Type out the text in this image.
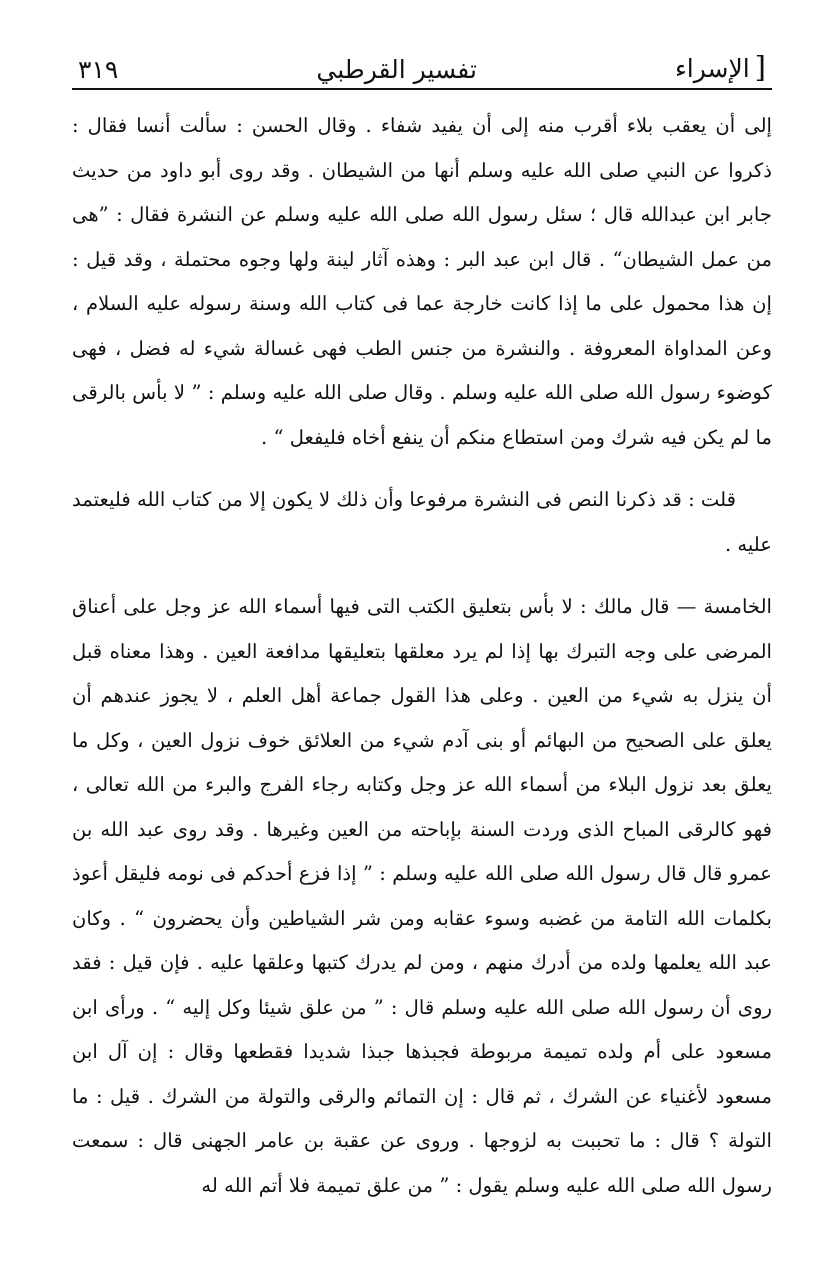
[ الإسراء
تفسير القرطبي
٣١٩

إلى أن يعقب بلاء أقرب منه إلى أن يفيد شفاء . وقال الحسن : سألت أنسا فقال : ذكروا عن النبي صلى الله عليه وسلم أنها من الشيطان . وقد روى أبو داود من حديث جابر ابن عبدالله قال ؛ سئل رسول الله صلى الله عليه وسلم عن النشرة فقال : ”هى من عمل الشيطان“ . قال ابن عبد البر : وهذه آثار لينة ولها وجوه محتملة ، وقد قيل : إن هذا محمول على ما إذا كانت خارجة عما فى كتاب الله وسنة رسوله عليه السلام ، وعن المداواة المعروفة . والنشرة من جنس الطب فهى غسالة شيء له فضل ، فهى كوضوء رسول الله صلى الله عليه وسلم . وقال صلى الله عليه وسلم : ” لا بأس بالرقى ما لم يكن فيه شرك ومن استطاع منكم أن ينفع أخاه فليفعل “ .

قلت : قد ذكرنا النص فى النشرة مرفوعا وأن ذلك لا يكون إلا من كتاب الله فليعتمد عليه .

الخامسة — قال مالك : لا بأس بتعليق الكتب التى فيها أسماء الله عز وجل على أعناق المرضى على وجه التبرك بها إذا لم يرد معلقها بتعليقها مدافعة العين . وهذا معناه قبل أن ينزل به شيء من العين . وعلى هذا القول جماعة أهل العلم ، لا يجوز عندهم أن يعلق على الصحيح من البهائم أو بنى آدم شيء من العلائق خوف نزول العين ، وكل ما يعلق بعد نزول البلاء من أسماء الله عز وجل وكتابه رجاء الفرج والبرء من الله تعالى ، فهو كالرقى المباح الذى وردت السنة بإباحته من العين وغيرها . وقد روى عبد الله بن عمرو قال قال رسول الله صلى الله عليه وسلم : ” إذا فزع أحدكم فى نومه فليقل أعوذ بكلمات الله التامة من غضبه وسوء عقابه ومن شر الشياطين وأن يحضرون “ . وكان عبد الله يعلمها ولده من أدرك منهم ، ومن لم يدرك كتبها وعلقها عليه . فإن قيل : فقد روى أن رسول الله صلى الله عليه وسلم قال : ” من علق شيئا وكل إليه “ . ورأى ابن مسعود على أم ولده تميمة مربوطة فجبذها جبذا شديدا فقطعها وقال : إن آل ابن مسعود لأغنياء عن الشرك ، ثم قال : إن التمائم والرقى والتولة من الشرك . قيل : ما التولة ؟ قال : ما تحببت به لزوجها . وروى عن عقبة بن عامر الجهنى قال : سمعت رسول الله صلى الله عليه وسلم يقول : ” من علق تميمة فلا أتم الله له
